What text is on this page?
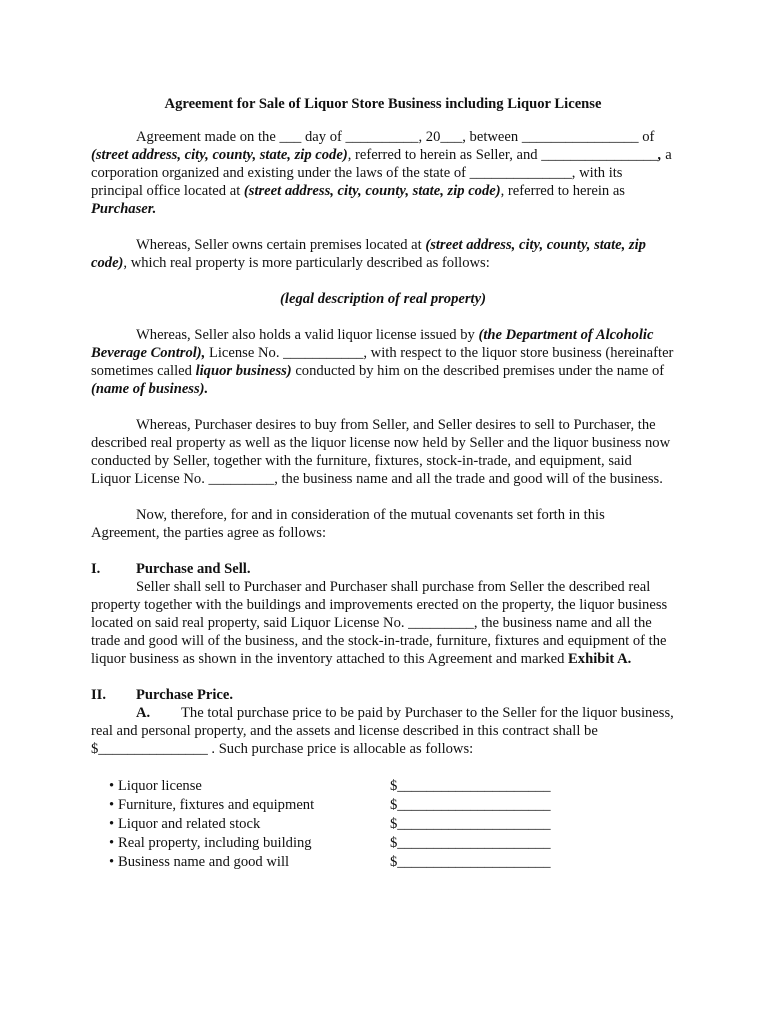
Agreement for Sale of Liquor Store Business including Liquor License

Agreement made on the ___ day of __________, 20___, between ________________ of (street address, city, county, state, zip code), referred to herein as Seller, and ________________, a corporation organized and existing under the laws of the state of ______________, with its principal office located at (street address, city, county, state, zip code), referred to herein as Purchaser.

Whereas, Seller owns certain premises located at (street address, city, county, state, zip code), which real property is more particularly described as follows:

(legal description of real property)

Whereas, Seller also holds a valid liquor license issued by (the Department of Alcoholic Beverage Control), License No. ___________, with respect to the liquor store business (hereinafter sometimes called liquor business) conducted by him on the described premises under the name of (name of business).

Whereas, Purchaser desires to buy from Seller, and Seller desires to sell to Purchaser, the described real property as well as the liquor license now held by Seller and the liquor business now conducted by Seller, together with the furniture, fixtures, stock-in-trade, and equipment, said Liquor License No. _________, the business name and all the trade and good will of the business.

Now, therefore, for and in consideration of the mutual covenants set forth in this Agreement, the parties agree as follows:

I.	Purchase and Sell.

Seller shall sell to Purchaser and Purchaser shall purchase from Seller the described real property together with the buildings and improvements erected on the property, the liquor business located on said real property, said Liquor License No. _________, the business name and all the trade and good will of the business, and the stock-in-trade, furniture, fixtures and equipment of the liquor business as shown in the inventory attached to this Agreement and marked Exhibit A.

II.	Purchase Price.

A. The total purchase price to be paid by Purchaser to the Seller for the liquor business, real and personal property, and the assets and license described in this contract shall be $_______________ . Such purchase price is allocable as follows:

•
Liquor license	$_____________________
•
Furniture, fixtures and equipment	$_____________________
•
Liquor and related stock	$_____________________
•
Real property, including building	$_____________________
•
Business name and good will	$_____________________
